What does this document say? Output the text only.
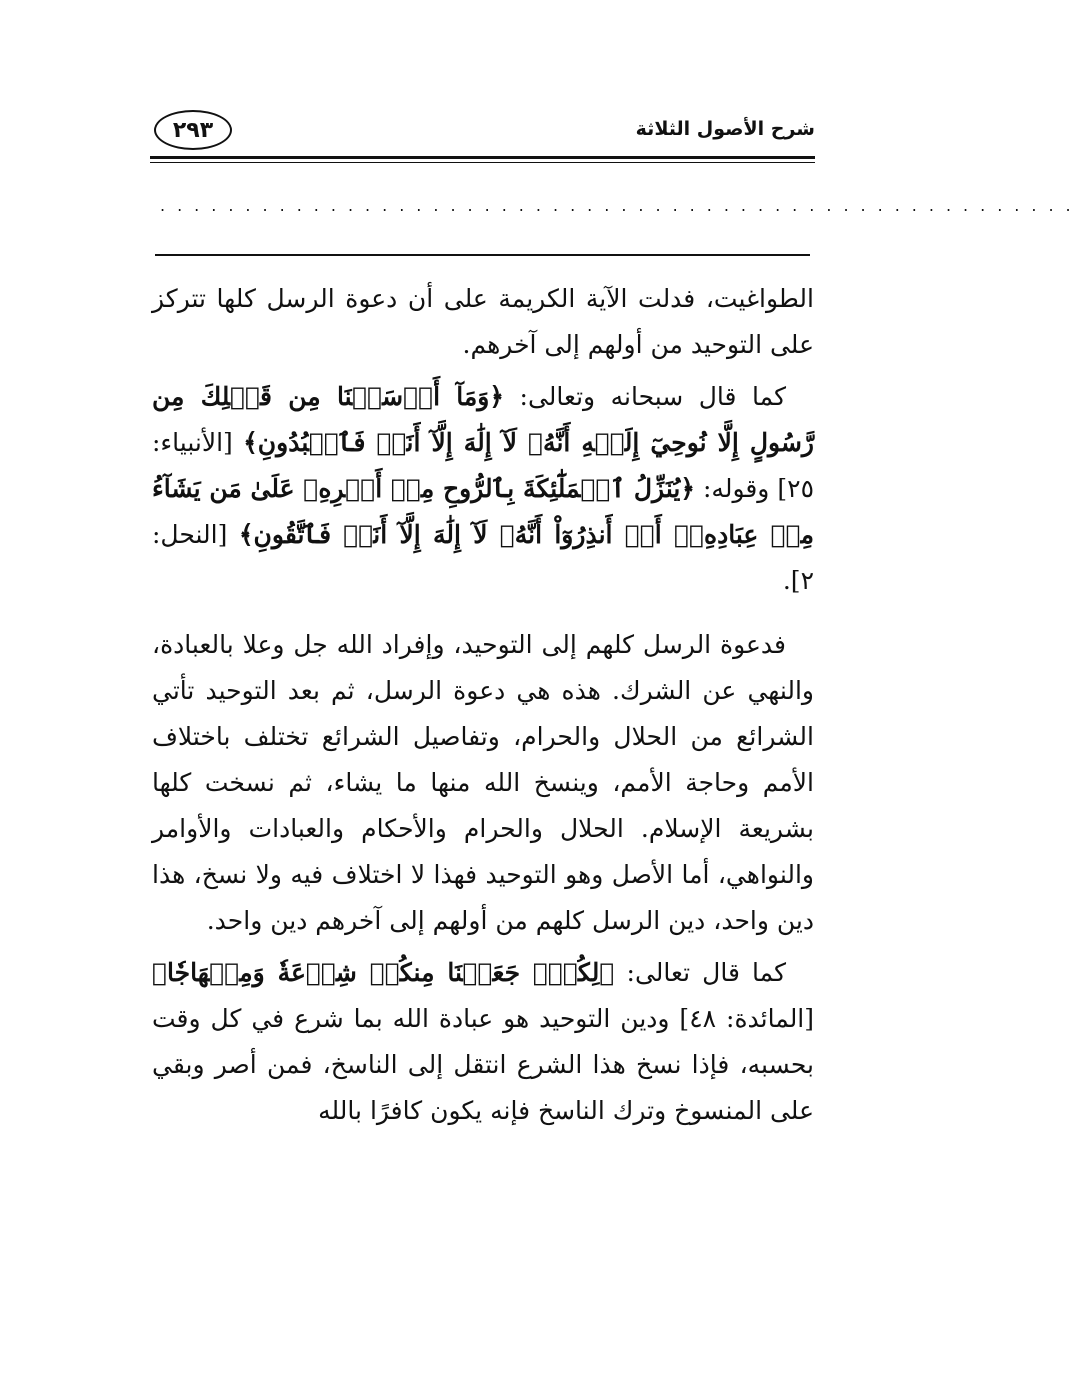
٢٩٣	شرح الأصول الثلاثة
......................................................

الطواغيت، فدلت الآية الكريمة على أن دعوة الرسل كلها تتركز على التوحيد من أولهم إلى آخرهم.

كما قال سبحانه وتعالى: ﴿وَمَآ أَرۡسَلۡنَا مِن قَبۡلِكَ مِن رَّسُولٍ إِلَّا نُوحِيٓ إِلَيۡهِ أَنَّهُۥ لَآ إِلَٰهَ إِلَّآ أَنَا۠ فَٱعۡبُدُونِ﴾ [الأنبياء: ٢٥] وقوله: ﴿يُنَزِّلُ ٱلۡمَلَٰٓئِكَةَ بِٱلرُّوحِ مِنۡ أَمۡرِهِۦ عَلَىٰ مَن يَشَآءُ مِنۡ عِبَادِهِۦٓ أَنۡ أَنذِرُوٓاْ أَنَّهُۥ لَآ إِلَٰهَ إِلَّآ أَنَا۠ فَٱتَّقُونِ﴾ [النحل: ٢].

فدعوة الرسل كلهم إلى التوحيد، وإفراد الله جل وعلا بالعبادة، والنهي عن الشرك. هذه هي دعوة الرسل، ثم بعد التوحيد تأتي الشرائع من الحلال والحرام، وتفاصيل الشرائع تختلف باختلاف الأمم وحاجة الأمم، وينسخ الله منها ما يشاء، ثم نسخت كلها بشريعة الإسلام. الحلال والحرام والأحكام والعبادات والأوامر والنواهي، أما الأصل وهو التوحيد فهذا لا اختلاف فيه ولا نسخ، هذا دين واحد، دين الرسل كلهم من أولهم إلى آخرهم دين واحد.

كما قال تعالى: ﴿لِكُلّٖ جَعَلۡنَا مِنكُمۡ شِرۡعَةٗ وَمِنۡهَاجٗا﴾ [المائدة: ٤٨] ودين التوحيد هو عبادة الله بما شرع في كل وقت بحسبه، فإذا نسخ هذا الشرع انتقل إلى الناسخ، فمن أصر وبقي على المنسوخ وترك الناسخ فإنه يكون كافرًا بالله
